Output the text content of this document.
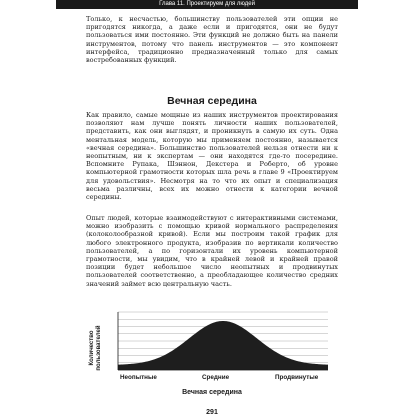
Глава 11. Проектируем для людей

Только, к несчастью, большинству пользователей эти опции не пригодятся никогда, а даже если и пригодятся, они не будут пользоваться ими постоянно. Эти функций не должно быть на панели инструментов, потому что панель инструментов — это компонент интерфейса, традиционно предназначенный только для самых востребованных функций.

Вечная середина

Как правило, самые мощные из наших инструментов проектирования позволяют нам лучше понять личности наших пользователей, представить, как они выглядят, и проникнуть в самую их суть. Одна ментальная модель, которую мы применяем постоянно, называется «вечная середина». Большинство пользователей нельзя отнести ни к неопытным, ни к экспертам — они находятся где-то посередине. Вспомните Рупака, Шэннон, Декстера и Роберто, об уровне компьютерной грамотности которых шла речь в главе 9 «Проектируем для удовольствия». Несмотря на то что их опыт и специализация весьма различны, всех их можно отнести к категории вечной середины.

Опыт людей, которые взаимодействуют с интерактивными системами, можно изобразить с помощью кривой нормального распределения (колоколообразной кривой). Если мы построим такой график для любого электронного продукта, изобразив по вертикали количество пользователей, а по горизонтали их уровень компьютерной грамотности, мы увидим, что в крайней левой и крайней правой позиции будет небольшое число неопытных и продвинутых пользователей соответственно, а преобладающее количество средних значений займет всю центральную часть.

Количество пользователей
Неопытные	Средние	Продвинутые
Вечная середина
291
